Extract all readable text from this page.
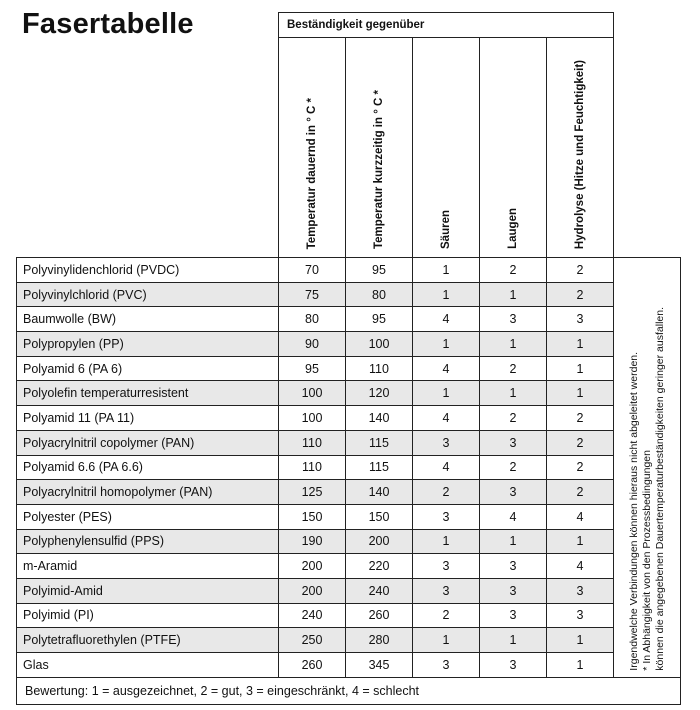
Fasertabelle
		Beständigkeit gegenüber					

	Temperatur dauernd in ° C *	Temperatur kurzzeitig in ° C *	Säuren	Laugen	Hydrolyse (Hitze und Feuchtigkeit)	

Polyvinylidenchlorid (PVDC)	70	95	1	2	2	Irgendwelche Verbindungen können hieraus nicht abgeleitet werden. * In Abhängigkeit von den Prozessbedingungen können die angegebenen Dauertemperaturbeständigkeiten geringer ausfallen.

Polyvinylchlorid (PVC)	75	80	1	1	2	
Baumwolle (BW)	80	95	4	3	3	
Polypropylen (PP)	90	100	1	1	1	
Polyamid 6 (PA 6)	95	110	4	2	1	
Polyolefin temperaturresistent	100	120	1	1	1	
Polyamid 11 (PA 11)	100	140	4	2	2	
Polyacrylnitril copolymer (PAN)	110	115	3	3	2	
Polyamid 6.6 (PA 6.6)	110	115	4	2	2	
Polyacrylnitril homopolymer (PAN)	125	140	2	3	2	
Polyester (PES)	150	150	3	4	4	
Polyphenylensulfid (PPS)	190	200	1	1	1	
m-Aramid	200	220	3	3	4	
Polyimid-Amid	200	240	3	3	3	
Polyimid (PI)	240	260	2	3	3	
Polytetrafluorethylen (PTFE)	250	280	1	1	1	
Glas	260	345	3	3	1	
Bewertung: 1 = ausgezeichnet, 2 = gut, 3 = eingeschränkt, 4 = schlecht						
